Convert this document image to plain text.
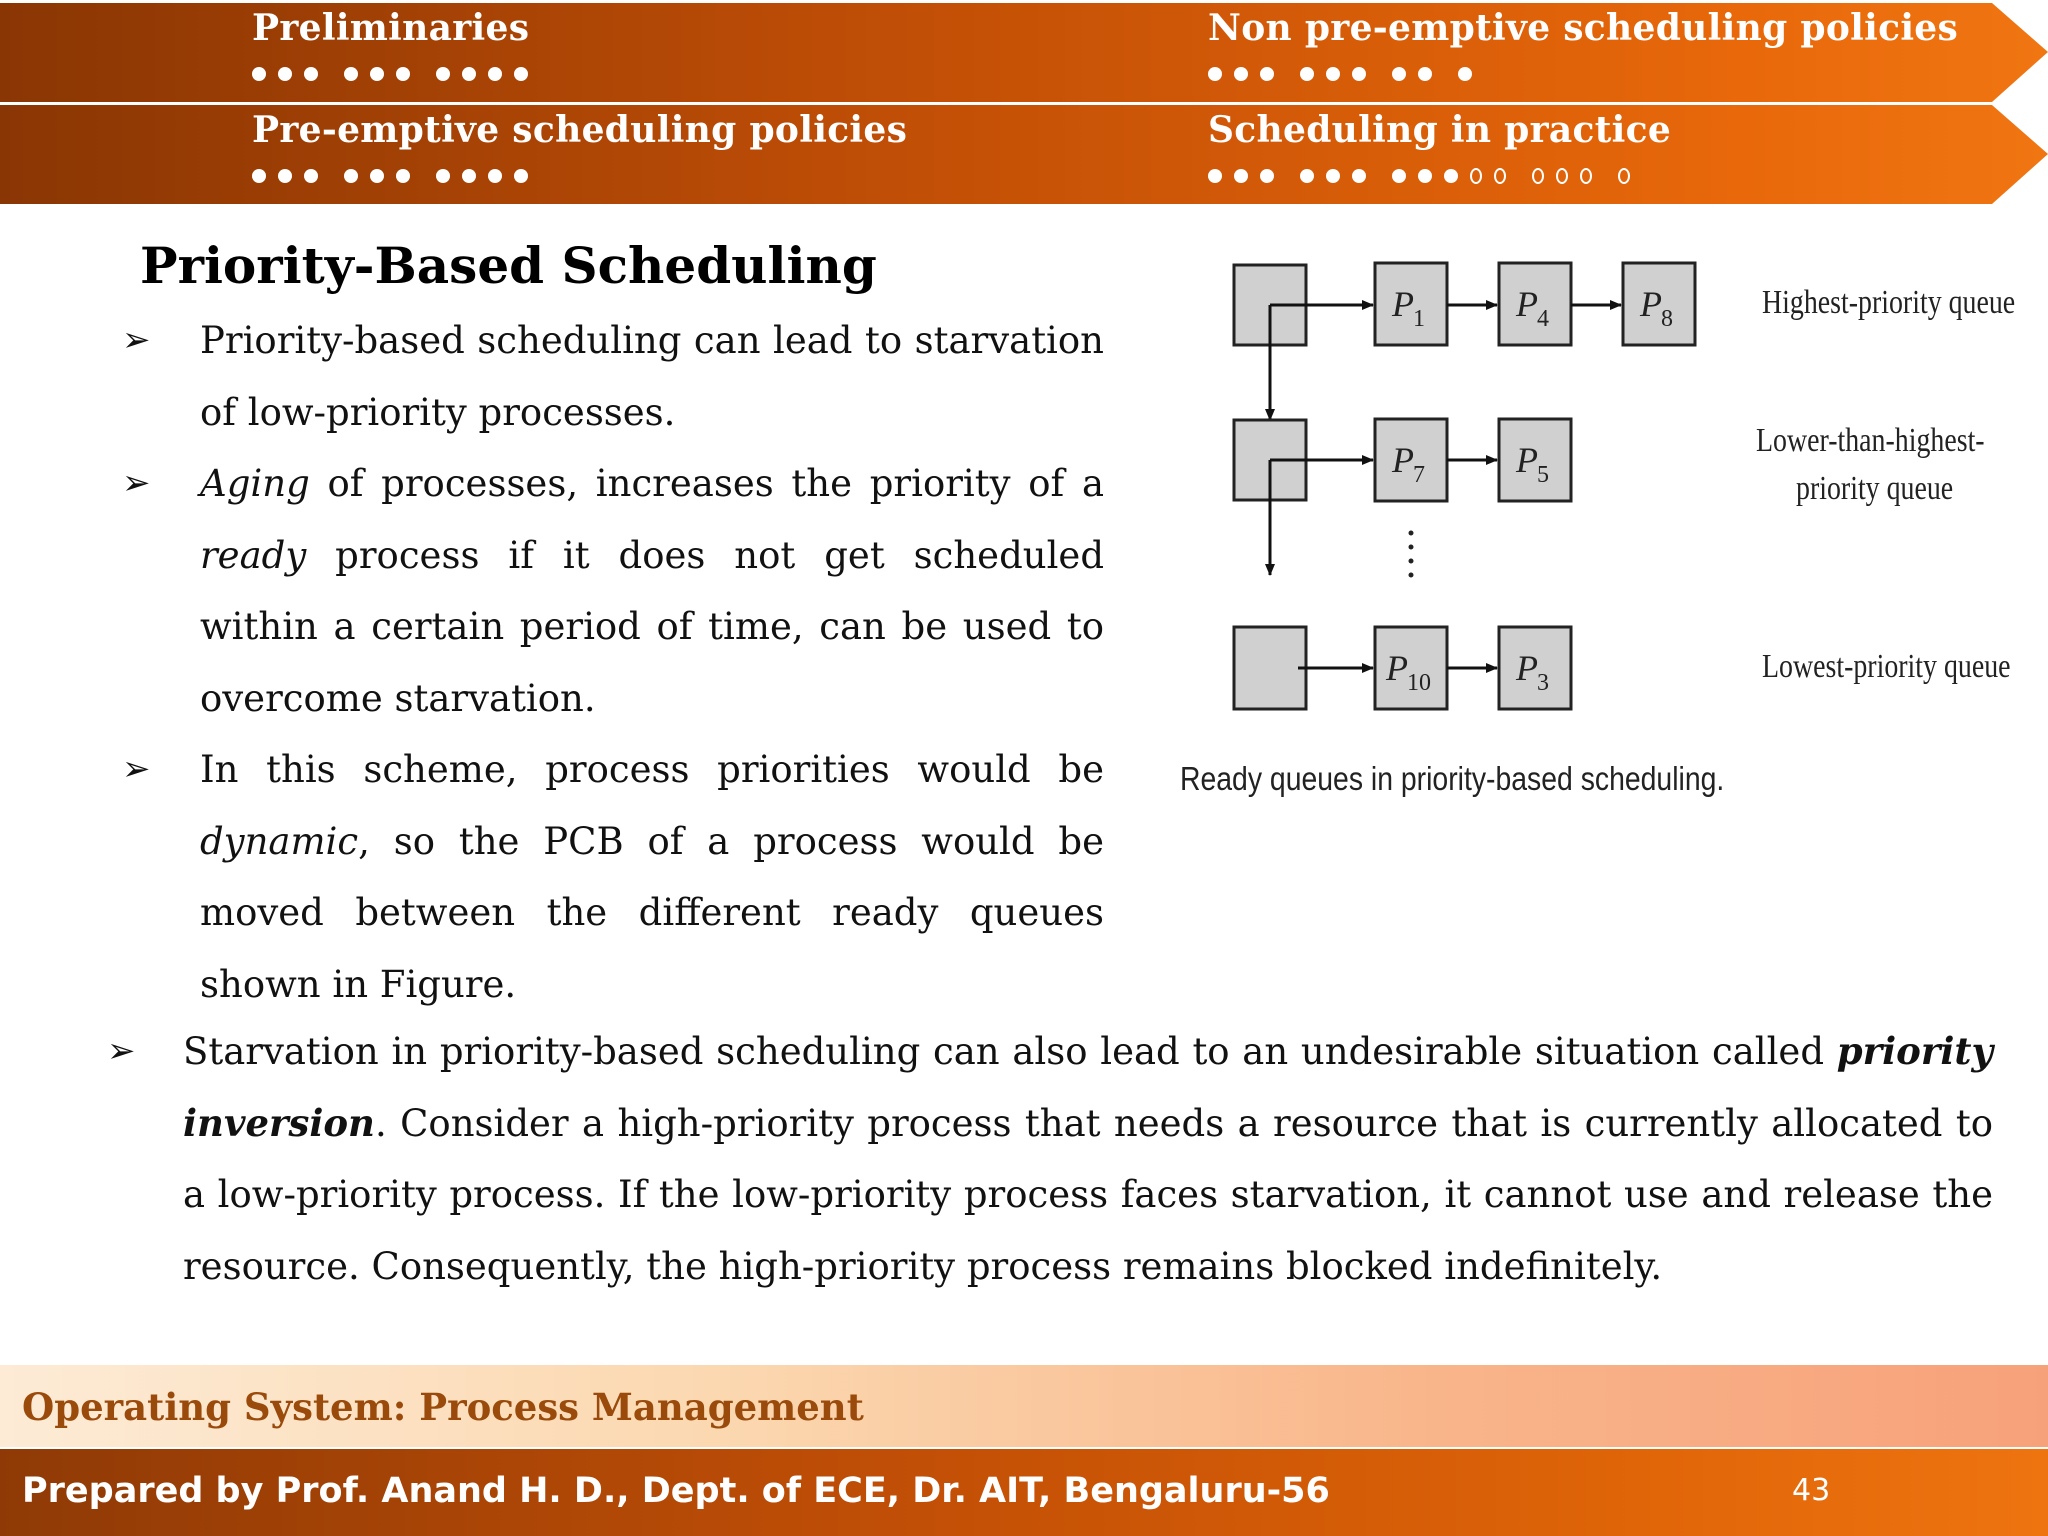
Preliminaries	Non pre-emptive scheduling policies
Pre-emptive scheduling policies	Scheduling in practice
Priority-Based Scheduling
➢ Priority-based scheduling can lead to starvation of low-priority processes.
➢ Aging of processes, increases the priority of a ready process if it does not get scheduled within a certain period of time, can be used to overcome starvation.
➢ In this scheme, process priorities would be dynamic, so the PCB of a process would be moved between the different ready queues shown in Figure.
➢ Starvation in priority-based scheduling can also lead to an undesirable situation called priority inversion. Consider a high-priority process that needs a resource that is currently allocated to a low-priority process. If the low-priority process faces starvation, it cannot use and release the resource. Consequently, the high-priority process remains blocked indefinitely.
P 1	P 4	P 8
P 7	P 5
P 10 P 3
Highest-priority queue
Lower-than-highest-
priority queue
Lowest-priority queue
Ready queues in priority-based scheduling.
Operating System: Process Management
Prepared by Prof. Anand H. D., Dept. of ECE, Dr. AIT, Bengaluru-56	43
